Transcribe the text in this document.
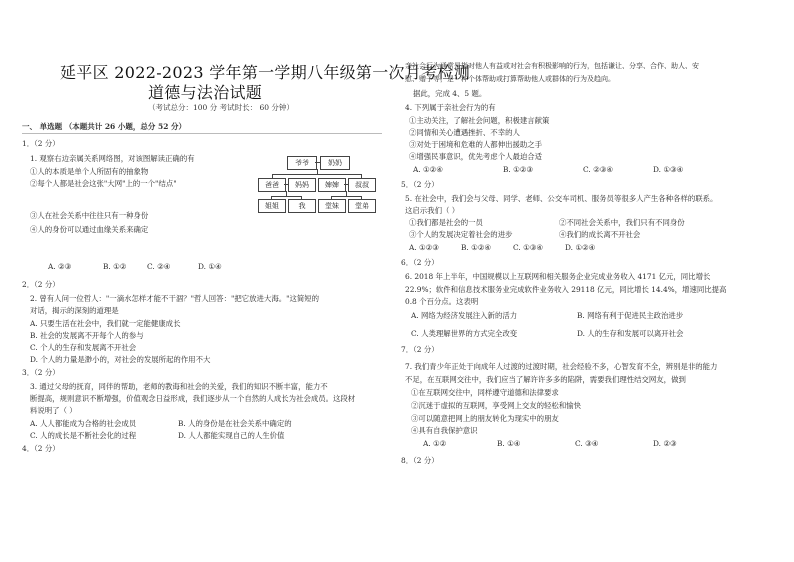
延平区 2022-2023 学年第一学期八年级第一次月考检测
道德与法治试题
（考试总分：100 分 考试时长： 60 分钟）
一、 单选题 （本题共计 26 小题，总分 52 分）
1．（2 分）
1. 观察右边亲属关系网络图，对该图解读正确的有
①人的本质是单个人所固有的抽象物
②每个人都是社会这张"大网"上的一个"结点"
③人在社会关系中往往只有一种身份
④人的身份可以通过血缘关系来确定
A. ②③	B. ①②	C. ②④	D. ①④
爷爷	奶奶
爸爸	妈妈	婶婶	叔叔
姐姐	我	堂妹	堂弟
2．（2 分）
2. 曾有人问一位哲人："一滴水怎样才能不干涸？"哲人回答："把它放进大海。"这简短的
对话，揭示的深刻的道理是
A. 只要生活在社会中，我们就一定能健康成长
B. 社会的发展离不开每个人的参与
C. 个人的生存和发展离不开社会
D. 个人的力量是渺小的，对社会的发展所起的作用不大
3．（2 分）
3. 通过父母的抚育，同伴的帮助，老师的教诲和社会的关爱，我们的知识不断丰富，能力不
断提高，规则意识不断增强，价值观念日益形成，我们逐步从一个自然的人成长为社会成员。这段材
料说明了（ ）
A. 人人都能成为合格的社会成员	B. 人的身份是在社会关系中确定的
C. 人的成长是不断社会化的过程	D. 人人都能实现自己的人生价值
4．（2 分）
亲社会行为通常是指对他人有益或对社会有积极影响的行为，包括谦让、分享、合作、助人、安
慰、赠予等，是一种个体帮助或打算帮助他人或群体的行为及趋向。
据此，完成 4、5 题。
4. 下列属于亲社会行为的有
①主动关注，了解社会问题，积极建言献策
②同情和关心遭遇挫折、不幸的人
③对处于困境和危难的人都伸出援助之手
④增强民事意识，优先考虑个人最迫合适
A. ①②④	B. ①②③	C. ②③④	D. ①③④
5．（2 分）
5. 在社会中，我们会与父母、同学、老师、公交车司机、服务员等很多人产生各种各样的联系。
这启示我们（ ）
①我们都是社会的一员	②不同社会关系中，我们只有不同身份
③个人的发展决定着社会的进步	④我们的成长离不开社会
A. ①②③	B. ①②④	C. ①③④	D. ①②④
6．（2 分）
6. 2018 年上半年，中国规模以上互联网和相关服务企业完成业务收入 4171 亿元，同比增长
22.9%；软件和信息技术服务业完成软件业务收入 29118 亿元，同比增长 14.4%，增速同比提高
0.8 个百分点。这表明
A. 网络为经济发展注入新的活力	B. 网络有利于促进民主政治进步
C. 人类理解世界的方式完全改变	D. 人的生存和发展可以离开社会
7．（2 分）
7. 我们青少年正处于向成年人过渡的过渡时期，社会经验不多，心智发育不全，辨别是非的能力
不足，在互联网交往中，我们应当了解许许多多的陷阱，需要我们理性结交网友，做到
①在互联网交往中，同样遵守道德和法律要求
②沉迷于虚拟的互联网，享受网上交友的轻松和愉快
③可以随意把网上的朋友转化为现实中的朋友
④具有自我保护意识
A. ①②	B. ①④	C. ③④	D. ②③
8．（2 分）
